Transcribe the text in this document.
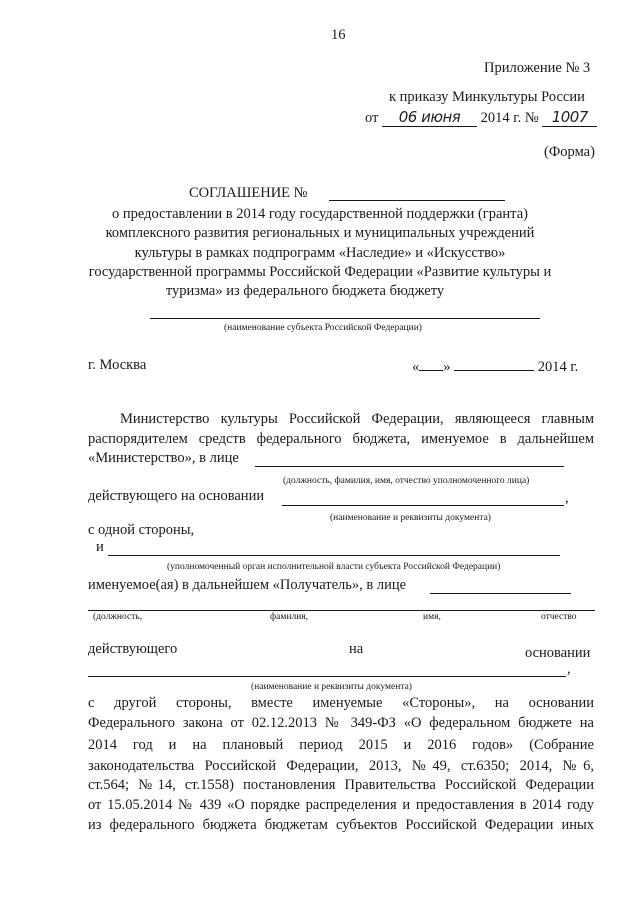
16
Приложение № 3
к приказу Минкультуры России
от 06 июня 2014 г. № 1007
(Форма)
СОГЛАШЕНИЕ №
о предоставлении в 2014 году государственной поддержки (гранта)
комплексного развития региональных и муниципальных учреждений
культуры в рамках подпрограмм «Наследие» и «Искусство»
государственной программы Российской Федерации «Развитие культуры и
туризма» из федерального бюджета бюджету
(наименование субъекта Российской Федерации)
г. Москва	« »	2014 г.
Министерство культуры Российской Федерации, являющееся главным
распорядителем средств федерального бюджета, именуемое в дальнейшем
«Министерство», в лице
(должность, фамилия, имя, отчество уполномоченного лица)
действующего на основании	,
(наименование и реквизиты документа)
с одной стороны,
и
(уполномоченный орган исполнительной власти субъекта Российской Федерации)
именуемое(ая) в дальнейшем «Получатель», в лице
(должность,	фамилия,	имя,	отчество
действующего	на	основании
,
(наименование и реквизиты документа)
с другой стороны, вместе именуемые «Стороны», на основании
Федерального закона от 02.12.2013 № 349-ФЗ «О федеральном бюджете на
2014 год и на плановый период 2015 и 2016 годов» (Собрание
законодательства Российской Федерации, 2013, №49, ст.6350; 2014, №6,
ст.564; №14, ст.1558) постановления Правительства Российской Федерации
от 15.05.2014 № 439 «О порядке распределения и предоставления в 2014 году
из федерального бюджета бюджетам субъектов Российской Федерации иных
